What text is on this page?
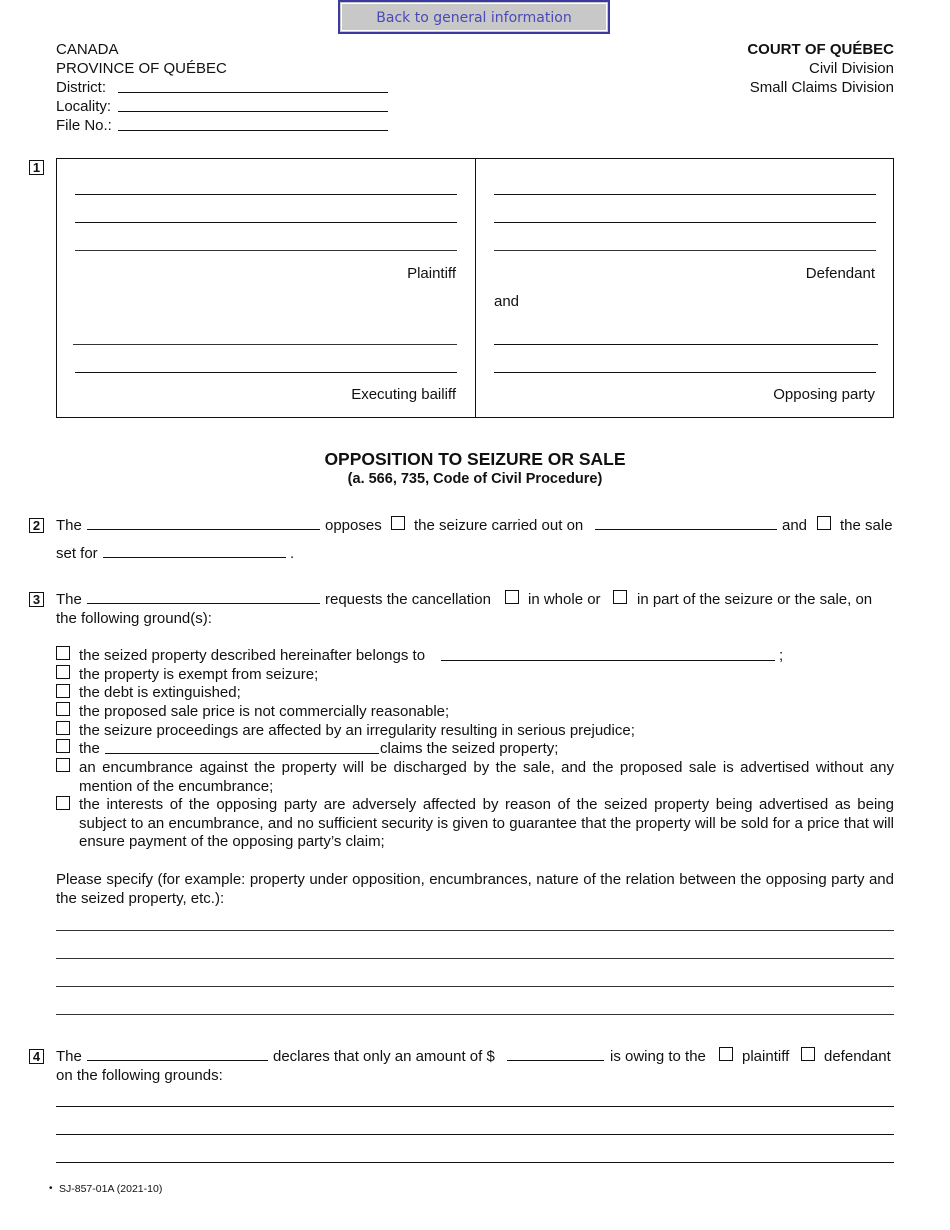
Back to general information
CANADA
PROVINCE OF QUÉBEC
District:
Locality:
File No.:
COURT OF QUÉBEC
Civil Division
Small Claims Division
1
Plaintiff	Defendant
and
Executing bailiff	Opposing party
OPPOSITION TO SEIZURE OR SALE
(a. 566, 735, Code of Civil Procedure)
2 The	opposes the seizure carried out on	and the sale
set for	.
3 The	requests the cancellation in whole or in part of the seizure or the sale, on
the following ground(s):
the seized property described hereinafter belongs to	;
the property is exempt from seizure;
the debt is extinguished;
the proposed sale price is not commercially reasonable;
the seizure proceedings are affected by an irregularity resulting in serious prejudice;
the	claims the seized property;
an encumbrance against the property will be discharged by the sale, and the proposed sale is advertised without any mention of the encumbrance;
the interests of the opposing party are adversely affected by reason of the seized property being advertised as being subject to an encumbrance, and no sufficient security is given to guarantee that the property will be sold for a price that will ensure payment of the opposing party’s claim;
Please specify (for example: property under opposition, encumbrances, nature of the relation between the opposing party and the seized property, etc.):
4 The	declares that only an amount of $	is owing to the plaintiff defendant
on the following grounds:
• SJ-857-01A (2021-10)
